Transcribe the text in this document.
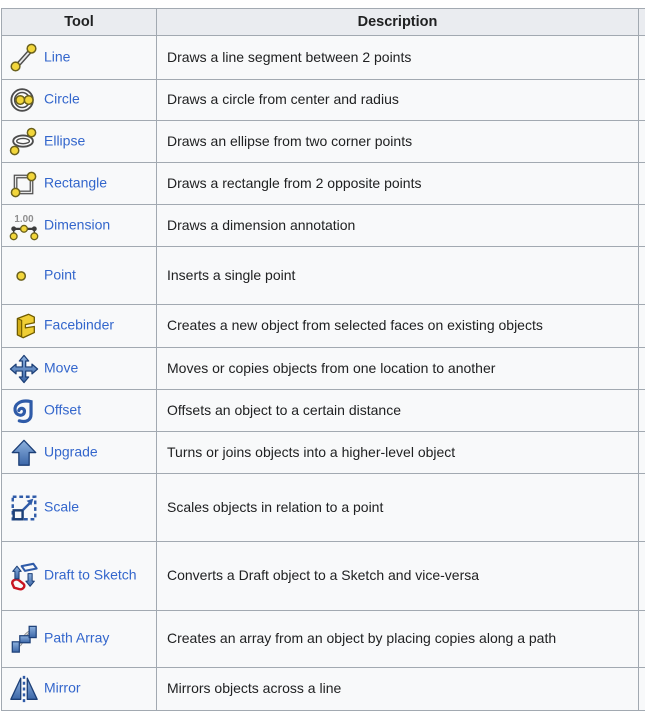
Tool	Description	

Line	Draws a line segment between 2 points	

Circle	Draws a circle from center and radius	

Ellipse	Draws an ellipse from two corner points	

Rectangle	Draws a rectangle from 2 opposite points	

Dimension	Draws a dimension annotation	

Point	Inserts a single point	

Facebinder	Creates a new object from selected faces on existing objects	

Move	Moves or copies objects from one location to another	

Offset	Offsets an object to a certain distance	

Upgrade	Turns or joins objects into a higher-level object	

Scale	Scales objects in relation to a point	

Draft to Sketch	Converts a Draft object to a Sketch and vice-versa	

Path Array	Creates an array from an object by placing copies along a path	

Mirror	Mirrors objects across a line	
